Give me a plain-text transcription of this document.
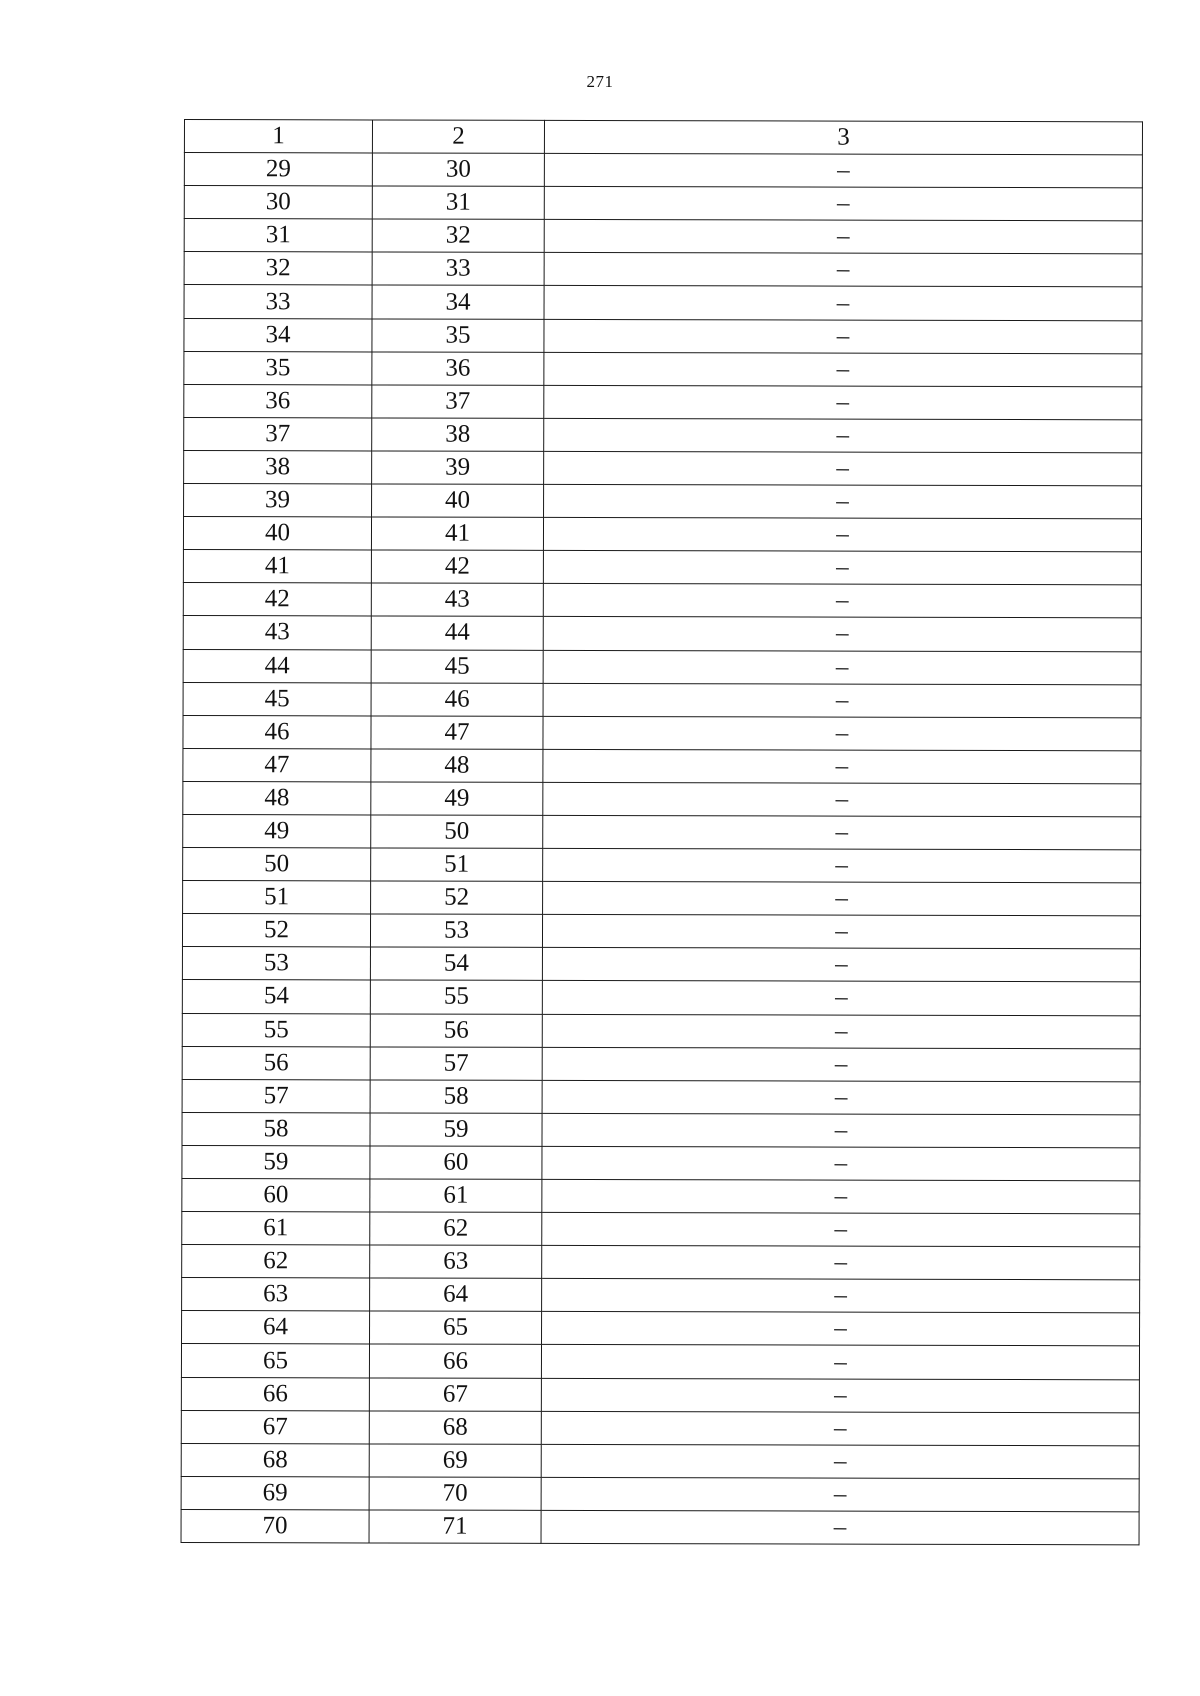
271
1	2	3
29	30	–
30	31	–
31	32	–
32	33	–
33	34	–
34	35	–
35	36	–
36	37	–
37	38	–
38	39	–
39	40	–
40	41	–
41	42	–
42	43	–
43	44	–
44	45	–
45	46	–
46	47	–
47	48	–
48	49	–
49	50	–
50	51	–
51	52	–
52	53	–
53	54	–
54	55	–
55	56	–
56	57	–
57	58	–
58	59	–
59	60	–
60	61	–
61	62	–
62	63	–
63	64	–
64	65	–
65	66	–
66	67	–
67	68	–
68	69	–
69	70	–
70	71	–
